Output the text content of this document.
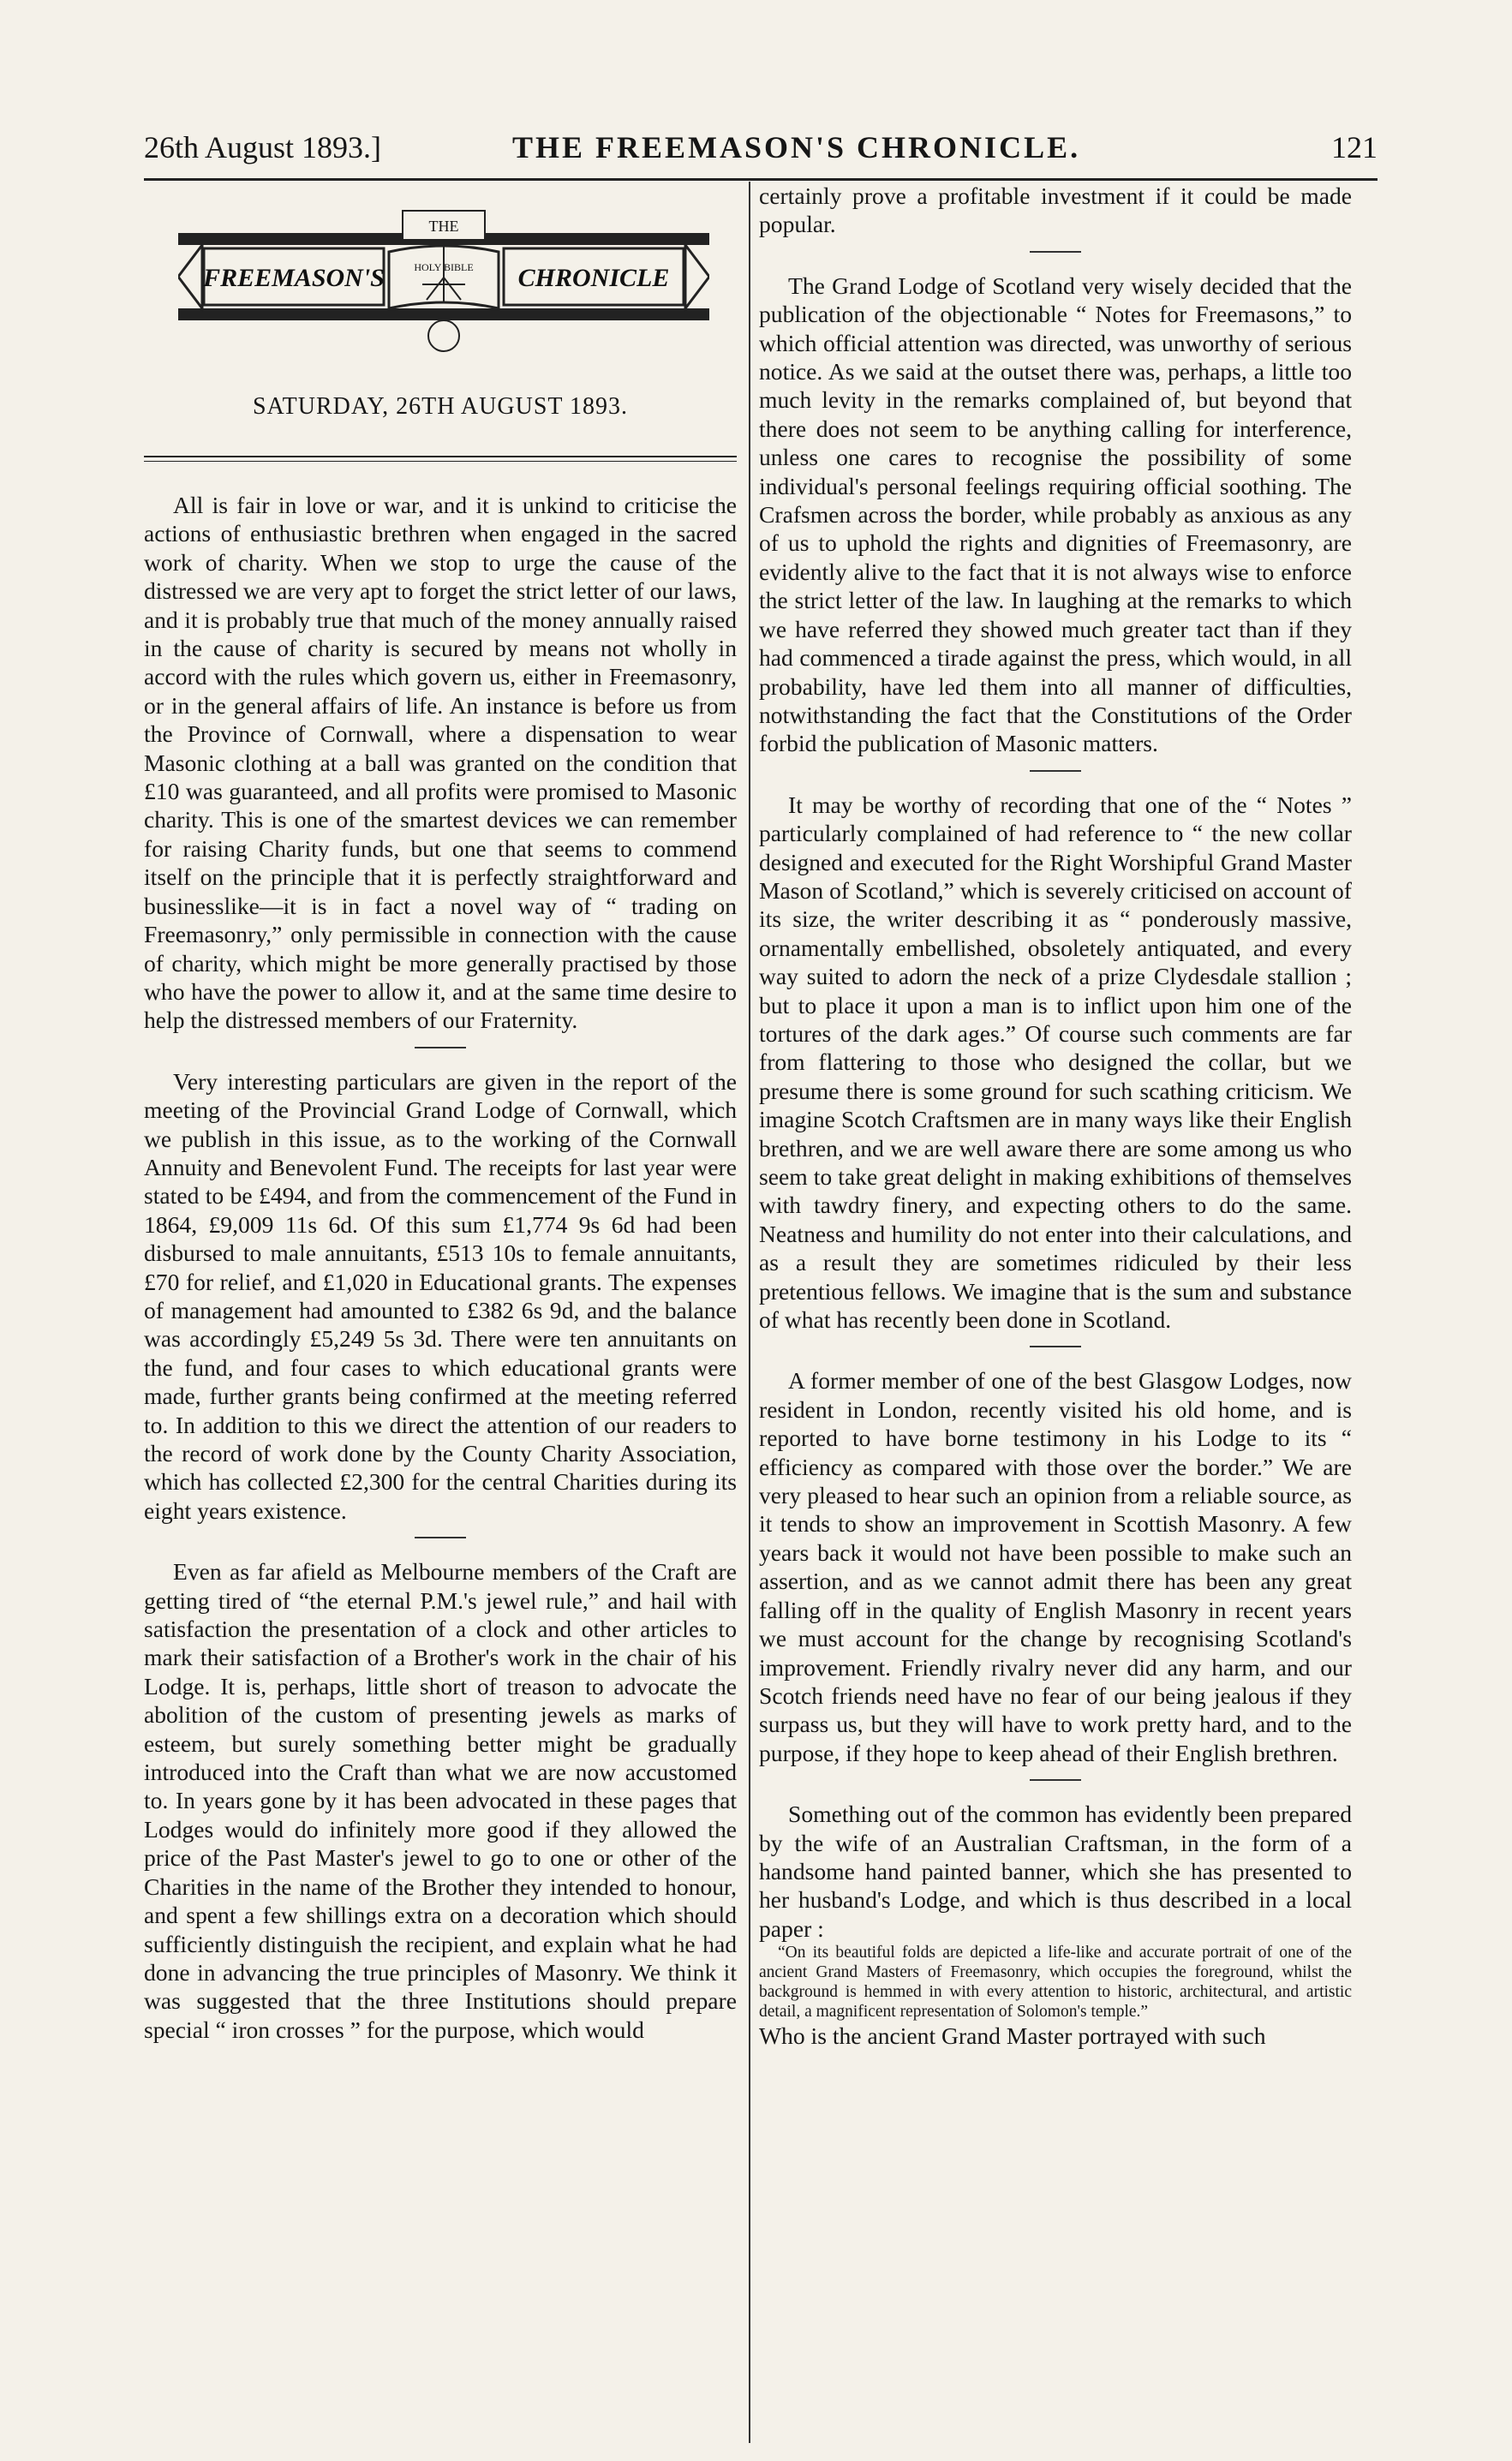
26th August 1893.]	THE FREEMASON'S CHRONICLE.	121
FREEMASON'S	CHRONICLE
THE
HOLY BIBLE
SATURDAY, 26TH AUGUST 1893.

All is fair in love or war, and it is unkind to criticise the actions of enthusiastic brethren when engaged in the sacred work of charity. When we stop to urge the cause of the distressed we are very apt to forget the strict letter of our laws, and it is probably true that much of the money annually raised in the cause of charity is secured by means not wholly in accord with the rules which govern us, either in Freemasonry, or in the general affairs of life. An instance is before us from the Province of Cornwall, where a dispensation to wear Masonic clothing at a ball was granted on the condition that £10 was guaranteed, and all profits were promised to Masonic charity. This is one of the smartest devices we can remember for raising Charity funds, but one that seems to commend itself on the principle that it is perfectly straightforward and businesslike—it is in fact a novel way of “ trading on Freemasonry,” only permissible in connection with the cause of charity, which might be more generally practised by those who have the power to allow it, and at the same time desire to help the distressed members of our Fraternity.

Very interesting particulars are given in the report of the meeting of the Provincial Grand Lodge of Cornwall, which we publish in this issue, as to the working of the Cornwall Annuity and Benevolent Fund. The receipts for last year were stated to be £494, and from the commencement of the Fund in 1864, £9,009 11s 6d. Of this sum £1,774 9s 6d had been disbursed to male annuitants, £513 10s to female annuitants, £70 for relief, and £1,020 in Educational grants. The expenses of management had amounted to £382 6s 9d, and the balance was accordingly £5,249 5s 3d. There were ten annuitants on the fund, and four cases to which educational grants were made, further grants being confirmed at the meeting referred to. In addition to this we direct the attention of our readers to the record of work done by the County Charity Association, which has collected £2,300 for the central Charities during its eight years existence.

Even as far afield as Melbourne members of the Craft are getting tired of “the eternal P.M.'s jewel rule,” and hail with satisfaction the presentation of a clock and other articles to mark their satisfaction of a Brother's work in the chair of his Lodge. It is, perhaps, little short of treason to advocate the abolition of the custom of presenting jewels as marks of esteem, but surely something better might be gradually introduced into the Craft than what we are now accustomed to. In years gone by it has been advocated in these pages that Lodges would do infinitely more good if they allowed the price of the Past Master's jewel to go to one or other of the Charities in the name of the Brother they intended to honour, and spent a few shillings extra on a decoration which should sufficiently distinguish the recipient, and explain what he had done in advancing the true principles of Masonry. We think it was suggested that the three Institutions should prepare special “ iron crosses ” for the purpose, which would

certainly prove a profitable investment if it could be made popular.

The Grand Lodge of Scotland very wisely decided that the publication of the objectionable “ Notes for Freemasons,” to which official attention was directed, was unworthy of serious notice. As we said at the outset there was, perhaps, a little too much levity in the remarks complained of, but beyond that there does not seem to be anything calling for interference, unless one cares to recognise the possibility of some individual's personal feelings requiring official soothing. The Crafsmen across the border, while probably as anxious as any of us to uphold the rights and dignities of Freemasonry, are evidently alive to the fact that it is not always wise to enforce the strict letter of the law. In laughing at the remarks to which we have referred they showed much greater tact than if they had commenced a tirade against the press, which would, in all probability, have led them into all manner of difficulties, notwithstanding the fact that the Constitutions of the Order forbid the publication of Masonic matters.

It may be worthy of recording that one of the “ Notes ” particularly complained of had reference to “ the new collar designed and executed for the Right Worshipful Grand Master Mason of Scotland,” which is severely criticised on account of its size, the writer describing it as “ ponderously massive, ornamentally embellished, obsoletely antiquated, and every way suited to adorn the neck of a prize Clydesdale stallion ; but to place it upon a man is to inflict upon him one of the tortures of the dark ages.” Of course such comments are far from flattering to those who designed the collar, but we presume there is some ground for such scathing criticism. We imagine Scotch Craftsmen are in many ways like their English brethren, and we are well aware there are some among us who seem to take great delight in making exhibitions of themselves with tawdry finery, and expecting others to do the same. Neatness and humility do not enter into their calculations, and as a result they are sometimes ridiculed by their less pretentious fellows. We imagine that is the sum and substance of what has recently been done in Scotland.

A former member of one of the best Glasgow Lodges, now resident in London, recently visited his old home, and is reported to have borne testimony in his Lodge to its “ efficiency as compared with those over the border.” We are very pleased to hear such an opinion from a reliable source, as it tends to show an improvement in Scottish Masonry. A few years back it would not have been possible to make such an assertion, and as we cannot admit there has been any great falling off in the quality of English Masonry in recent years we must account for the change by recognising Scotland's improvement. Friendly rivalry never did any harm, and our Scotch friends need have no fear of our being jealous if they surpass us, but they will have to work pretty hard, and to the purpose, if they hope to keep ahead of their English brethren.

Something out of the common has evidently been prepared by the wife of an Australian Craftsman, in the form of a handsome hand painted banner, which she has presented to her husband's Lodge, and which is thus described in a local paper :

“On its beautiful folds are depicted a life-like and accurate portrait of one of the ancient Grand Masters of Freemasonry, which occupies the foreground, whilst the background is hemmed in with every attention to historic, architectural, and artistic detail, a magnificent representation of Solomon's temple.”

Who is the ancient Grand Master portrayed with such
